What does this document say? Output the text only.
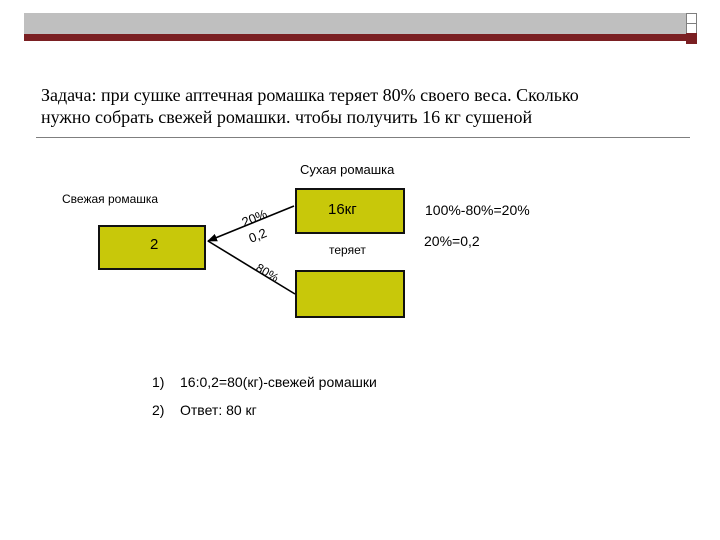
Задача: при сушке аптечная ромашка теряет 80% своего веса. Сколько
нужно собрать свежей ромашки. чтобы получить 16 кг сушеной
Сухая ромашка
Свежая ромашка
2
16кг
теряет
20%
0,2
80%
100%-80%=20%
20%=0,2
1) 16:0,2=80(кг)-свежей ромашки
2) Ответ: 80 кг
